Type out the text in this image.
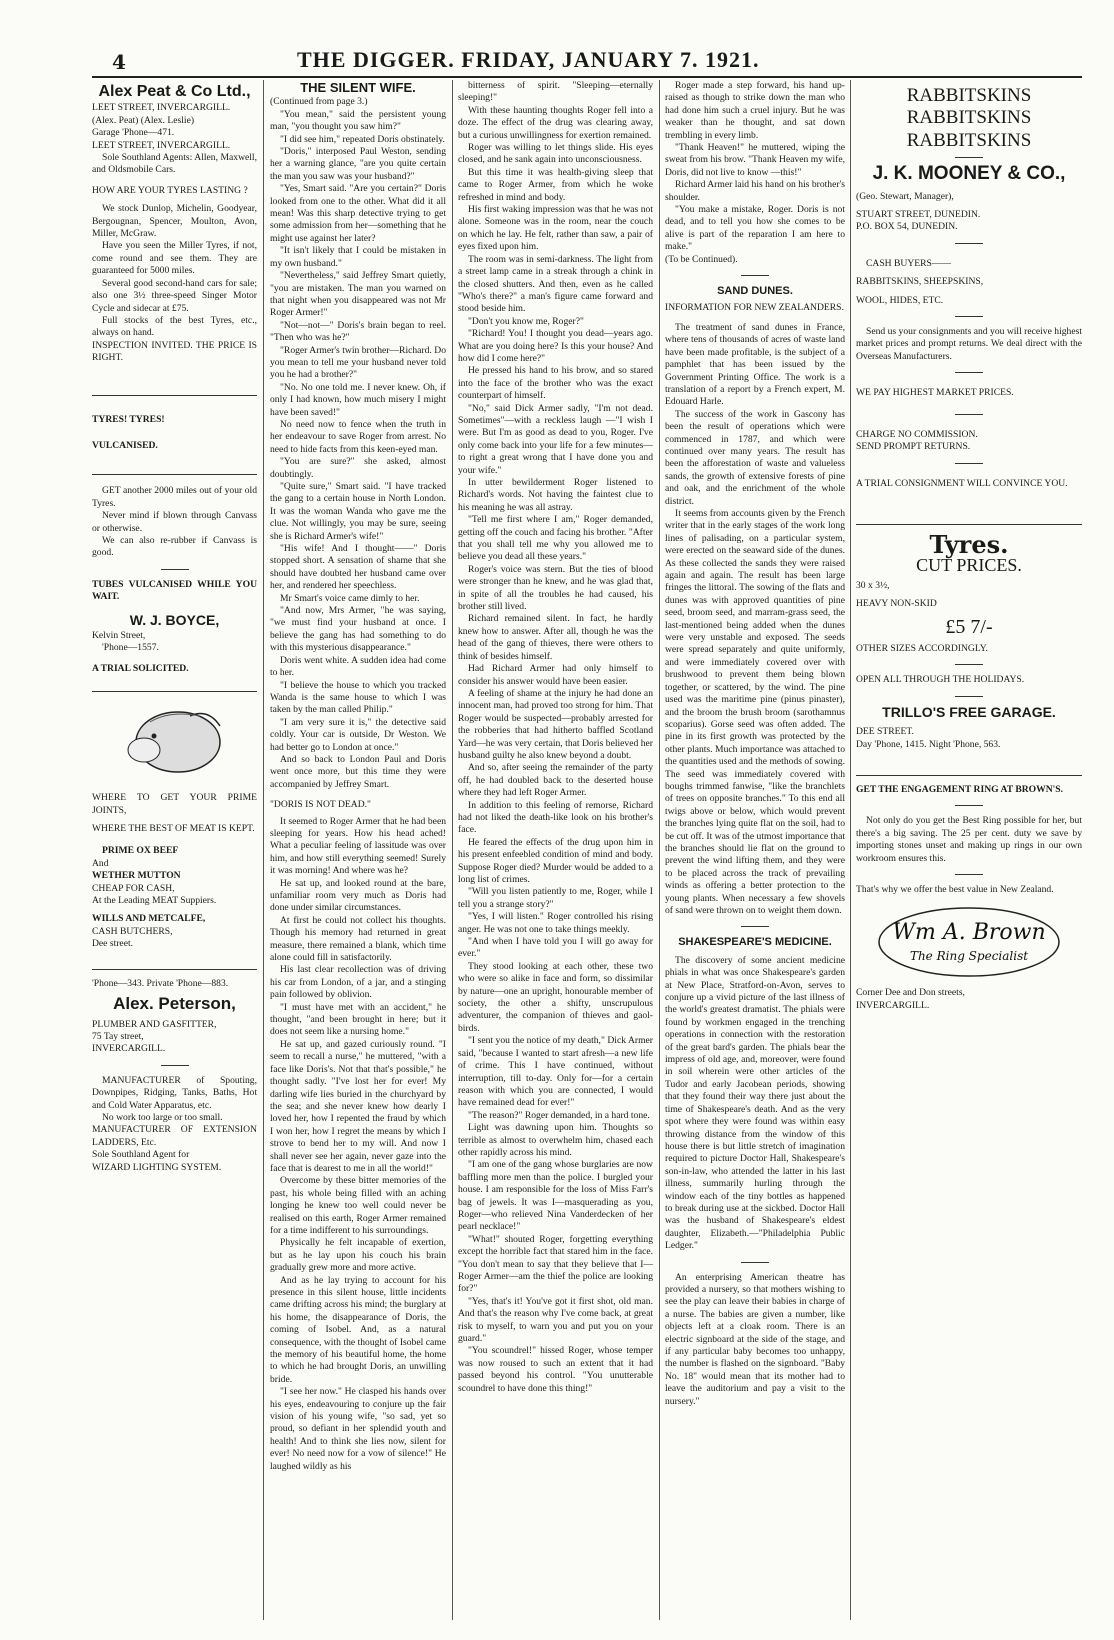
4	THE DIGGER. FRIDAY, JANUARY 7. 1921.
Alex Peat & Co Ltd.,

LEET STREET, INVERCARGILL.

(Alex. Peat) (Alex. Leslie)

Garage 'Phone—471.

LEET STREET, INVERCARGILL.

Sole Southland Agents: Allen, Maxwell, and Oldsmobile Cars.

HOW ARE YOUR TYRES LASTING ?

We stock Dunlop, Michelin, Goodyear, Bergougnan, Spencer, Moulton, Avon, Miller, McGraw.

Have you seen the Miller Tyres, if not, come round and see them. They are guaranteed for 5000 miles.

Several good second-hand cars for sale; also one 3½ three-speed Singer Motor Cycle and sidecar at £75.

Full stocks of the best Tyres, etc., always on hand.

INSPECTION INVITED. THE PRICE IS RIGHT.

TYRES! TYRES!

VULCANISED.

GET another 2000 miles out of your old Tyres.

Never mind if blown through Canvass or otherwise.

We can also re-rubber if Canvass is good.

TUBES VULCANISED WHILE YOU WAIT.

W. J. BOYCE,

Kelvin Street,

'Phone—1557.

A TRIAL SOLICITED.

WHERE TO GET YOUR PRIME JOINTS,

WHERE THE BEST OF MEAT IS KEPT.

PRIME OX BEEF

And

WETHER MUTTON

CHEAP FOR CASH,

At the Leading MEAT Suppiers.

WILLS AND METCALFE,

CASH BUTCHERS,

Dee street.

'Phone—343. Private 'Phone—883.

Alex. Peterson,

PLUMBER AND GASFITTER,

75 Tay street,

INVERCARGILL.

MANUFACTURER of Spouting, Downpipes, Ridging, Tanks, Baths, Hot and Cold Water Apparatus, etc.

No work too large or too small.

MANUFACTURER OF EXTENSION LADDERS, Etc.

Sole Southland Agent for

WIZARD LIGHTING SYSTEM.

THE SILENT WIFE.

(Continued from page 3.)

"You mean," said the persistent young man, "you thought you saw him?"

"I did see him," repeated Doris obstinately.

"Doris," interposed Paul Weston, sending her a warning glance, "are you quite certain the man you saw was your husband?"

"Yes, Smart said. "Are you certain?" Doris looked from one to the other. What did it all mean! Was this sharp detective trying to get some admission from her—something that he might use against her later?

"It isn't likely that I could be mistaken in my own husband."

"Nevertheless," said Jeffrey Smart quietly, "you are mistaken. The man you warned on that night when you disappeared was not Mr Roger Armer!"

"Not—not—" Doris's brain began to reel. "Then who was he?"

"Roger Armer's twin brother—Richard. Do you mean to tell me your husband never told you he had a brother?"

"No. No one told me. I never knew. Oh, if only I had known, how much misery I might have been saved!"

No need now to fence when the truth in her endeavour to save Roger from arrest. No need to hide facts from this keen-eyed man.

"You are sure?" she asked, almost doubtingly.

"Quite sure," Smart said. "I have tracked the gang to a certain house in North London. It was the woman Wanda who gave me the clue. Not willingly, you may be sure, seeing she is Richard Armer's wife!"

"His wife! And I thought——" Doris stopped short. A sensation of shame that she should have doubted her husband came over her, and rendered her speechless.

Mr Smart's voice came dimly to her.

"And now, Mrs Armer, "he was saying, "we must find your husband at once. I believe the gang has had something to do with this mysterious disappearance."

Doris went white. A sudden idea had come to her.

"I believe the house to which you tracked Wanda is the same house to which I was taken by the man called Philip."

"I am very sure it is," the detective said coldly. Your car is outside, Dr Weston. We had better go to London at once."

And so back to London Paul and Doris went once more, but this time they were accompanied by Jeffrey Smart.

"DORIS IS NOT DEAD."

It seemed to Roger Armer that he had been sleeping for years. How his head ached! What a peculiar feeling of lassitude was over him, and how still everything seemed! Surely it was morning! And where was he?

He sat up, and looked round at the bare, unfamiliar room very much as Doris had done under similar circumstances.

At first he could not collect his thoughts. Though his memory had returned in great measure, there remained a blank, which time alone could fill in satisfactorily.

His last clear recollection was of driving his car from London, of a jar, and a stinging pain followed by oblivion.

"I must have met with an accident," he thought, "and been brought in here; but it does not seem like a nursing home."

He sat up, and gazed curiously round. "I seem to recall a nurse," he muttered, "with a face like Doris's. Not that that's possible," he thought sadly. "I've lost her for ever! My darling wife lies buried in the churchyard by the sea; and she never knew how dearly I loved her, how I repented the fraud by which I won her, how I regret the means by which I strove to bend her to my will. And now I shall never see her again, never gaze into the face that is dearest to me in all the world!"

Overcome by these bitter memories of the past, his whole being filled with an aching longing he knew too well could never be realised on this earth, Roger Armer remained for a time indifferent to his surroundings.

Physically he felt incapable of exertion, but as he lay upon his couch his brain gradually grew more and more active.

And as he lay trying to account for his presence in this silent house, little incidents came drifting across his mind; the burglary at his home, the disappearance of Doris, the coming of Isobel. And, as a natural consequence, with the thought of Isobel came the memory of his beautiful home, the home to which he had brought Doris, an unwilling bride.

"I see her now." He clasped his hands over his eyes, endeavouring to conjure up the fair vision of his young wife, "so sad, yet so proud, so defiant in her splendid youth and health! And to think she lies now, silent for ever! No need now for a vow of silence!" He laughed wildly as his

bitterness of spirit. "Sleeping—eternally sleeping!"

With these haunting thoughts Roger fell into a doze. The effect of the drug was clearing away, but a curious unwillingness for exertion remained.

Roger was willing to let things slide. His eyes closed, and he sank again into unconsciousness.

But this time it was health-giving sleep that came to Roger Armer, from which he woke refreshed in mind and body.

His first waking impression was that he was not alone. Someone was in the room, near the couch on which he lay. He felt, rather than saw, a pair of eyes fixed upon him.

The room was in semi-darkness. The light from a street lamp came in a streak through a chink in the closed shutters. And then, even as he called "Who's there?" a man's figure came forward and stood beside him.

"Don't you know me, Roger?"

"Richard! You! I thought you dead—years ago. What are you doing here? Is this your house? And how did I come here?"

He pressed his hand to his brow, and so stared into the face of the brother who was the exact counterpart of himself.

"No," said Dick Armer sadly, "I'm not dead. Sometimes"—with a reckless laugh —"I wish I were. But I'm as good as dead to you, Roger. I've only come back into your life for a few minutes—to right a great wrong that I have done you and your wife."

In utter bewilderment Roger listened to Richard's words. Not having the faintest clue to his meaning he was all astray.

"Tell me first where I am," Roger demanded, getting off the couch and facing his brother. "After that you shall tell me why you allowed me to believe you dead all these years."

Roger's voice was stern. But the ties of blood were stronger than he knew, and he was glad that, in spite of all the troubles he had caused, his brother still lived.

Richard remained silent. In fact, he hardly knew how to answer. After all, though he was the head of the gang of thieves, there were others to think of besides himself.

Had Richard Armer had only himself to consider his answer would have been easier.

A feeling of shame at the injury he had done an innocent man, had proved too strong for him. That Roger would be suspected—probably arrested for the robberies that had hitherto baffled Scotland Yard—he was very certain, that Doris believed her husband guilty he also knew beyond a doubt.

And so, after seeing the remainder of the party off, he had doubled back to the deserted house where they had left Roger Armer.

In addition to this feeling of remorse, Richard had not liked the death-like look on his brother's face.

He feared the effects of the drug upon him in his present enfeebled condition of mind and body. Suppose Roger died? Murder would be added to a long list of crimes.

"Will you listen patiently to me, Roger, while I tell you a strange story?"

"Yes, I will listen." Roger controlled his rising anger. He was not one to take things meekly.

"And when I have told you I will go away for ever."

They stood looking at each other, these two who were so alike in face and form, so dissimilar by nature—one an upright, honourable member of society, the other a shifty, unscrupulous adventurer, the companion of thieves and gaol-birds.

"I sent you the notice of my death," Dick Armer said, "because I wanted to start afresh—a new life of crime. This I have continued, without interruption, till to-day. Only for—for a certain reason with which you are connected, I would have remained dead for ever!"

"The reason?" Roger demanded, in a hard tone.

Light was dawning upon him. Thoughts so terrible as almost to overwhelm him, chased each other rapidly across his mind.

"I am one of the gang whose burglaries are now baffling more men than the police. I burgled your house. I am responsible for the loss of Miss Farr's bag of jewels. It was I—masquerading as you, Roger—who relieved Nina Vanderdecken of her pearl necklace!"

"What!" shouted Roger, forgetting everything except the horrible fact that stared him in the face. "You don't mean to say that they believe that I—Roger Armer—am the thief the police are looking for?"

"Yes, that's it! You've got it first shot, old man. And that's the reason why I've come back, at great risk to myself, to warn you and put you on your guard."

"You scoundrel!" hissed Roger, whose temper was now roused to such an extent that it had passed beyond his control. "You unutterable scoundrel to have done this thing!"

Roger made a step forward, his hand up-raised as though to strike down the man who had done him such a cruel injury. But he was weaker than he thought, and sat down trembling in every limb.

"Thank Heaven!" he muttered, wiping the sweat from his brow. "Thank Heaven my wife, Doris, did not live to know —this!"

Richard Armer laid his hand on his brother's shoulder.

"You make a mistake, Roger. Doris is not dead, and to tell you how she comes to be alive is part of the reparation I am here to make."

(To be Continued).

SAND DUNES.

INFORMATION FOR NEW ZEALANDERS.

The treatment of sand dunes in France, where tens of thousands of acres of waste land have been made profitable, is the subject of a pamphlet that has been issued by the Government Printing Office. The work is a translation of a report by a French expert, M. Edouard Harle.

The success of the work in Gascony has been the result of operations which were commenced in 1787, and which were continued over many years. The result has been the afforestation of waste and valueless sands, the growth of extensive forests of pine and oak, and the enrichment of the whole district.

It seems from accounts given by the French writer that in the early stages of the work long lines of palisading, on a particular system, were erected on the seaward side of the dunes. As these collected the sands they were raised again and again. The result has been large fringes the littoral. The sowing of the flats and dunes was with approved quantities of pine seed, broom seed, and marram-grass seed, the last-mentioned being added when the dunes were very unstable and exposed. The seeds were spread separately and quite uniformly, and were immediately covered over with brushwood to prevent them being blown together, or scattered, by the wind. The pine used was the maritime pine (pinus pinaster), and the broom the brush broom (sarothamnus scoparius). Gorse seed was often added. The pine in its first growth was protected by the other plants. Much importance was attached to the quantities used and the methods of sowing. The seed was immediately covered with boughs trimmed fanwise, "like the branchlets of trees on opposite branches." To this end all twigs above or below, which would prevent the branches lying quite flat on the soil, had to be cut off. It was of the utmost importance that the branches should lie flat on the ground to prevent the wind lifting them, and they were to be placed across the track of prevailing winds as offering a better protection to the young plants. When necessary a few shovels of sand were thrown on to weight them down.

SHAKESPEARE'S MEDICINE.

The discovery of some ancient medicine phials in what was once Shakespeare's garden at New Place, Stratford-on-Avon, serves to conjure up a vivid picture of the last illness of the world's greatest dramatist. The phials were found by workmen engaged in the trenching operations in connection with the restoration of the great bard's garden. The phials bear the impress of old age, and, moreover, were found in soil wherein were other articles of the Tudor and early Jacobean periods, showing that they found their way there just about the time of Shakespeare's death. And as the very spot where they were found was within easy throwing distance from the window of this house there is but little stretch of imagination required to picture Doctor Hall, Shakespeare's son-in-law, who attended the latter in his last illness, summarily hurling through the window each of the tiny bottles as happened to break during use at the sickbed. Doctor Hall was the husband of Shakespeare's eldest daughter, Elizabeth.—"Philadelphia Public Ledger."

An enterprising American theatre has provided a nursery, so that mothers wishing to see the play can leave their babies in charge of a nurse. The babies are given a number, like objects left at a cloak room. There is an electric signboard at the side of the stage, and if any particular baby becomes too unhappy, the number is flashed on the signboard. "Baby No. 18" would mean that its mother had to leave the auditorium and pay a visit to the nursery."

RABBITSKINS
RABBITSKINS
RABBITSKINS
J. K. MOONEY & CO.,

(Geo. Stewart, Manager),

STUART STREET, DUNEDIN.

P.O. BOX 54, DUNEDIN.

CASH BUYERS——

RABBITSKINS, SHEEPSKINS,

WOOL, HIDES, ETC.

Send us your consignments and you will receive highest market prices and prompt returns. We deal direct with the Overseas Manufacturers.

WE PAY HIGHEST MARKET PRICES.

CHARGE NO COMMISSION.

SEND PROMPT RETURNS.

A TRIAL CONSIGNMENT WILL CONVINCE YOU.

Tyres.
CUT PRICES.

30 x 3½,

HEAVY NON-SKID

£5 7/-

OTHER SIZES ACCORDINGLY.

OPEN ALL THROUGH THE HOLIDAYS.

TRILLO'S FREE GARAGE.

DEE STREET.

Day 'Phone, 1415. Night 'Phone, 563.

GET THE ENGAGEMENT RING AT BROWN'S.

Not only do you get the Best Ring possible for her, but there's a big saving. The 25 per cent. duty we save by importing stones unset and making up rings in our own workroom ensures this.

That's why we offer the best value in New Zealand.

Wm A. Brown
The Ring Specialist

Corner Dee and Don streets,

INVERCARGILL.
